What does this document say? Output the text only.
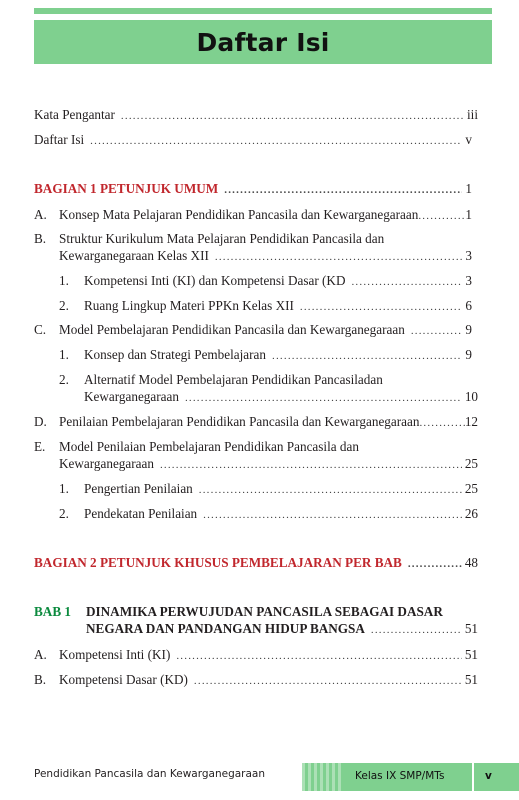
Daftar Isi
Kata Pengantar .....	iii
Daftar Isi .....	v
BAGIAN 1 PETUNJUK UMUM .....	1
A. Konsep Mata Pelajaran Pendidikan Pancasila dan Kewarganegaraan .....	1
B. Struktur Kurikulum Mata Pelajaran Pendidikan Pancasila dan
Kewarganegaraan Kelas XII .....	3
1. Kompetensi Inti (KI) dan Kompetensi Dasar (KD .....	3
2. Ruang Lingkup Materi PPKn Kelas XII .....	6
C. Model Pembelajaran Pendidikan Pancasila dan Kewarganegaraan .....	9
1. Konsep dan Strategi Pembelajaran .....	9
2. Alternatif Model Pembelajaran Pendidikan Pancasiladan
Kewarganegaraan .....	10
D. Penilaian Pembelajaran Pendidikan Pancasila dan Kewarganegaraan .....	12
E. Model Penilaian Pembelajaran Pendidikan Pancasila dan
Kewarganegaraan .....	25
1. Pengertian Penilaian .....	25
2. Pendekatan Penilaian .....	26
BAGIAN 2 PETUNJUK KHUSUS PEMBELAJARAN PER BAB .....	48
BAB 1 DINAMIKA PERWUJUDAN PANCASILA SEBAGAI DASAR
NEGARA DAN PANDANGAN HIDUP BANGSA .....	51
A. Kompetensi Inti (KI) .....	51
B. Kompetensi Dasar (KD) .....	51
Pendidikan Pancasila dan Kewarganegaraan	Kelas IX SMP/MTs	v
